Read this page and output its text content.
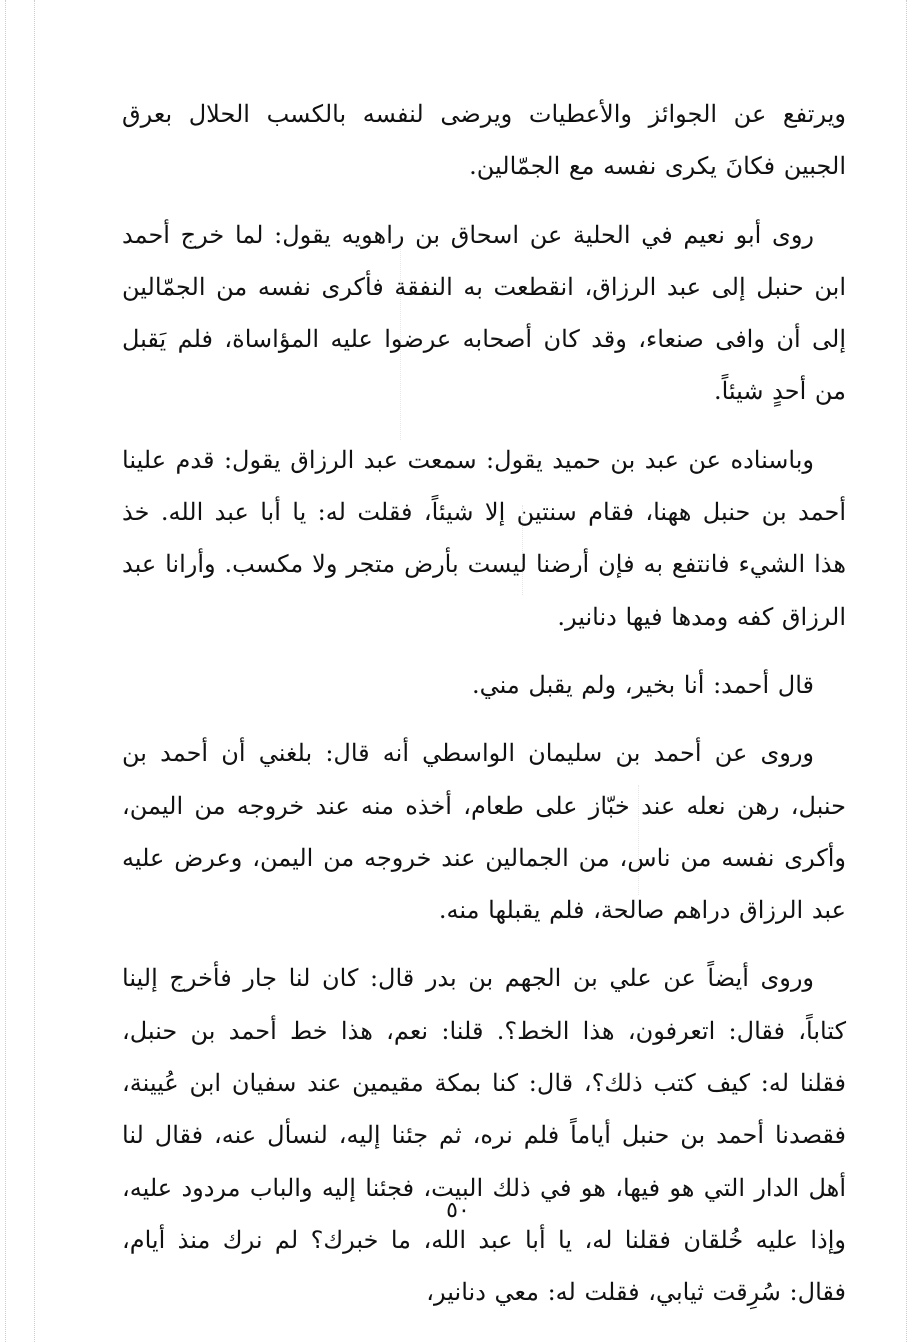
ويرتفع عن الجوائز والأعطيات ويرضى لنفسه بالكسب الحلال بعرق الجبين فكانَ يكرى نفسه مع الجمّالين.

روى أبو نعيم في الحلية عن اسحاق بن راهويه يقول: لما خرج أحمد ابن حنبل إلى عبد الرزاق، انقطعت به النفقة فأكرى نفسه من الجمّالين إلى أن وافى صنعاء، وقد كان أصحابه عرضوا عليه المؤاساة، فلم يَقبل من أحدٍ شيئاً.

وباسناده عن عبد بن حميد يقول: سمعت عبد الرزاق يقول: قدم علينا أحمد بن حنبل ههنا، فقام سنتين إلا شيئاً، فقلت له: يا أبا عبد الله. خذ هذا الشيء فانتفع به فإن أرضنا ليست بأرض متجر ولا مكسب. وأرانا عبد الرزاق كفه ومدها فيها دنانير.

قال أحمد: أنا بخير، ولم يقبل مني.

وروى عن أحمد بن سليمان الواسطي أنه قال: بلغني أن أحمد بن حنبل، رهن نعله عند خبّاز على طعام، أخذه منه عند خروجه من اليمن، وأكرى نفسه من ناس، من الجمالين عند خروجه من اليمن، وعرض عليه عبد الرزاق دراهم صالحة، فلم يقبلها منه.

وروى أيضاً عن علي بن الجهم بن بدر قال: كان لنا جار فأخرج إلينا كتاباً، فقال: اتعرفون، هذا الخط؟. قلنا: نعم، هذا خط أحمد بن حنبل، فقلنا له: كيف كتب ذلك؟، قال: كنا بمكة مقيمين عند سفيان ابن عُيينة، فقصدنا أحمد بن حنبل أياماً فلم نره، ثم جئنا إليه، لنسأل عنه، فقال لنا أهل الدار التي هو فيها، هو في ذلك البيت، فجئنا إليه والباب مردود عليه، وإذا عليه خُلقان فقلنا له، يا أبا عبد الله، ما خبرك؟ لم نرك منذ أيام، فقال: سُرِقت ثيابي، فقلت له: معي دنانير،

٥٠
